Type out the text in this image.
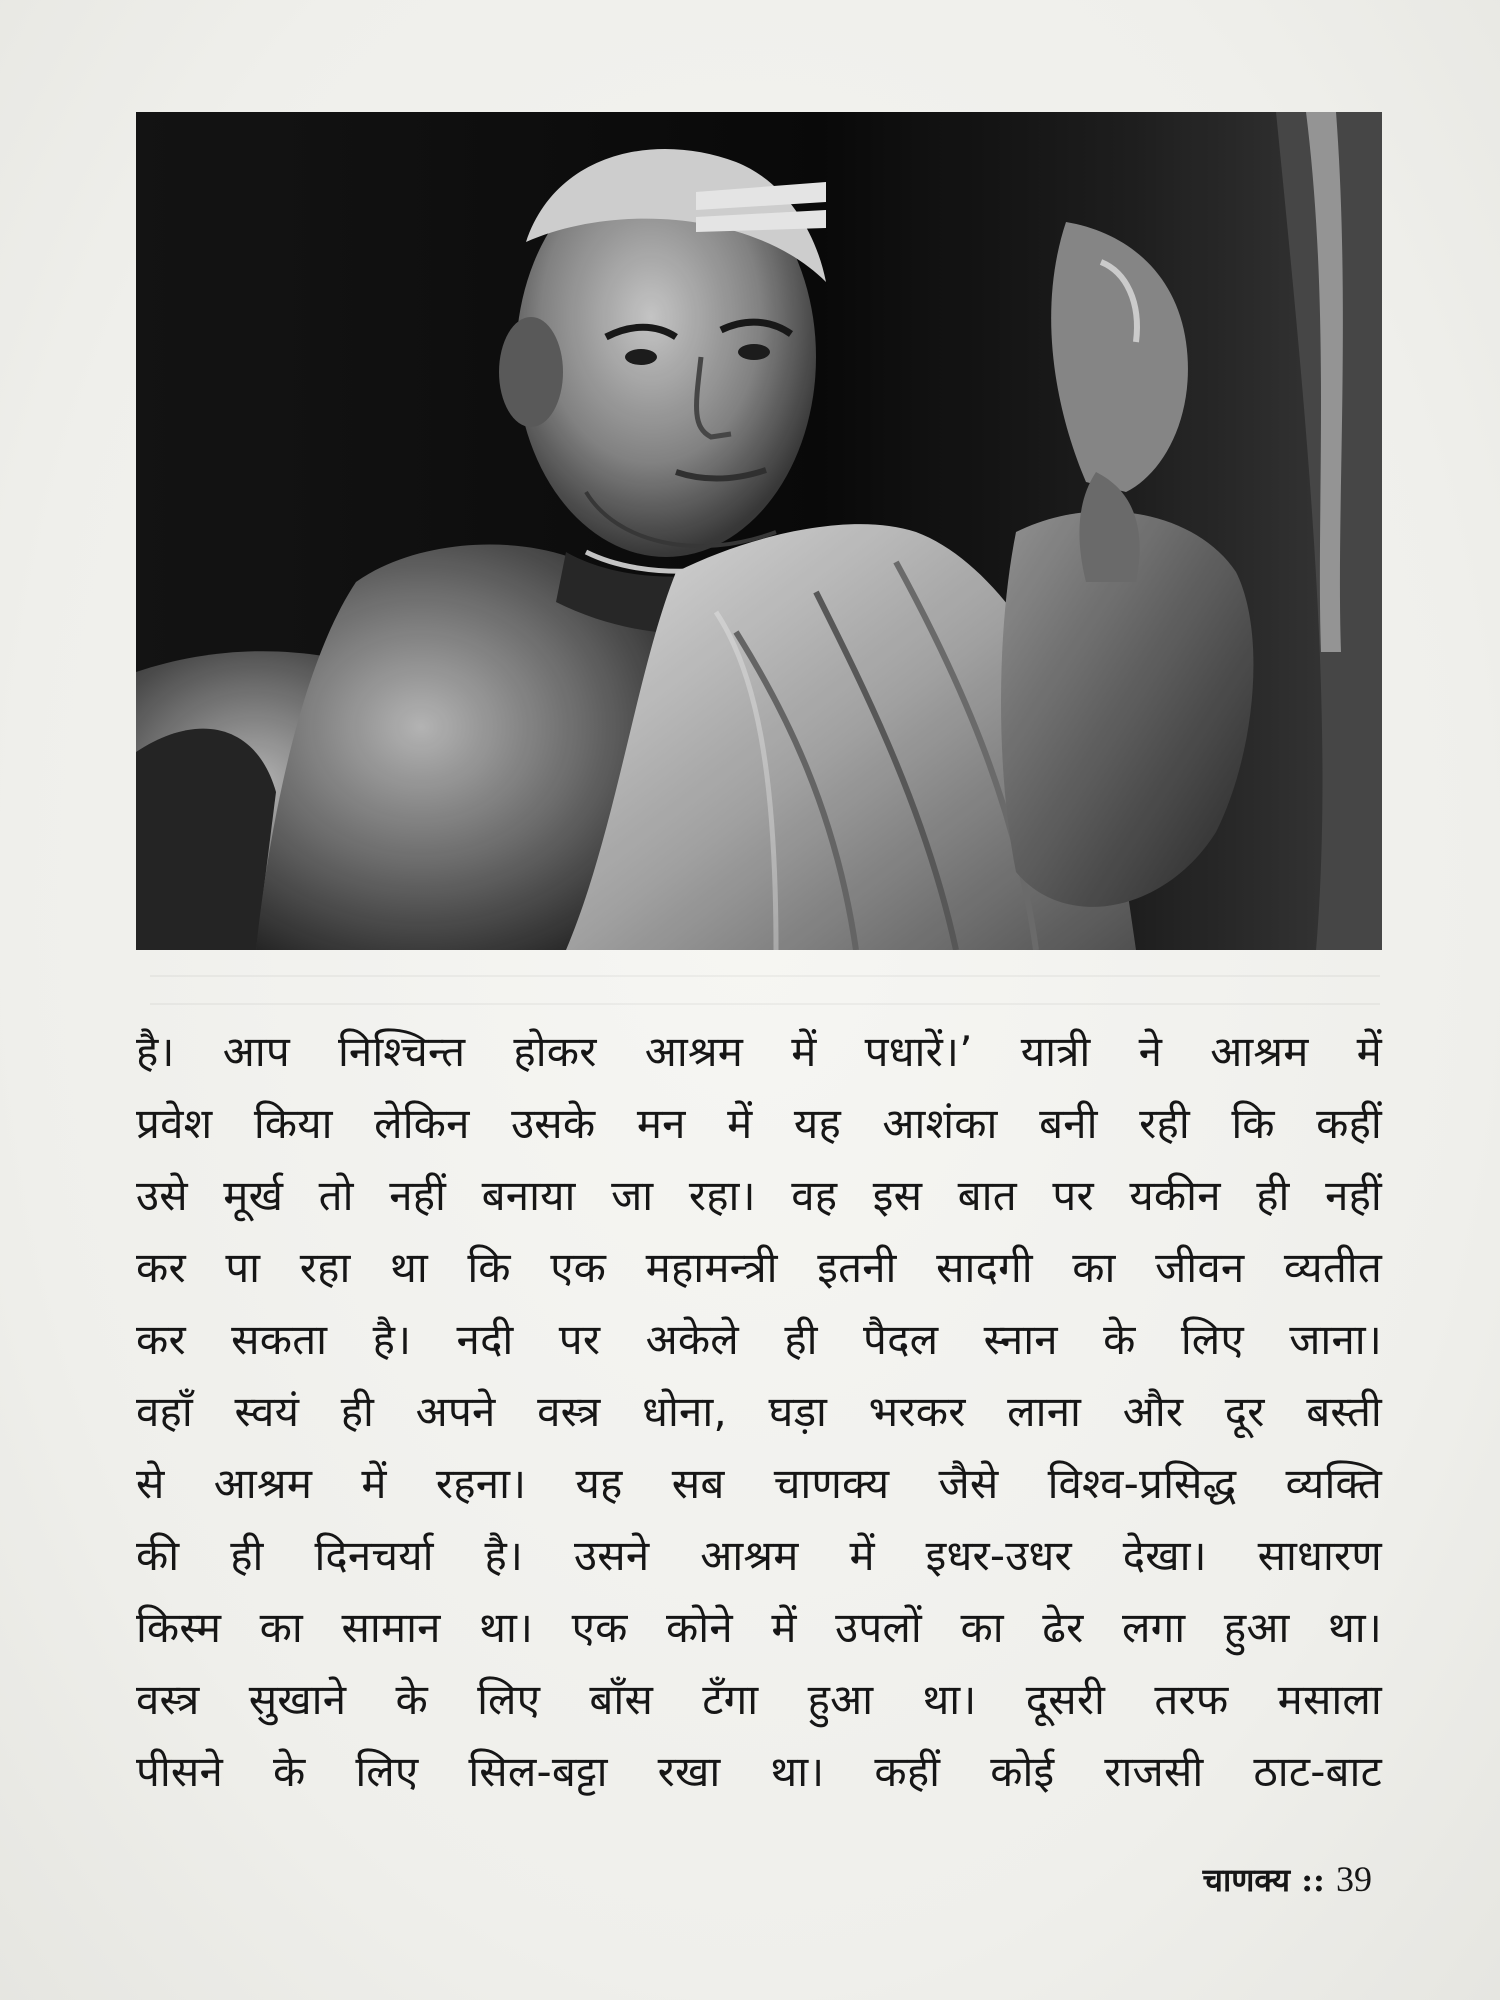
है। आप निश्चिन्त होकर आश्रम में पधारें।’ यात्री ने आश्रम में
प्रवेश किया लेकिन उसके मन में यह आशंका बनी रही कि कहीं
उसे मूर्ख तो नहीं बनाया जा रहा। वह इस बात पर यकीन ही नहीं
कर पा रहा था कि एक महामन्त्री इतनी सादगी का जीवन व्यतीत
कर सकता है। नदी पर अकेले ही पैदल स्नान के लिए जाना।
वहाँ स्वयं ही अपने वस्त्र धोना, घड़ा भरकर लाना और दूर बस्ती
से आश्रम में रहना। यह सब चाणक्य जैसे विश्व-प्रसिद्ध व्यक्ति
की ही दिनचर्या है। उसने आश्रम में इधर-उधर देखा। साधारण
किस्म का सामान था। एक कोने में उपलों का ढेर लगा हुआ था।
वस्त्र सुखाने के लिए बाँस टँगा हुआ था। दूसरी तरफ मसाला
पीसने के लिए सिल-बट्टा रखा था। कहीं कोई राजसी ठाट-बाट
चाणक्य :: 39
